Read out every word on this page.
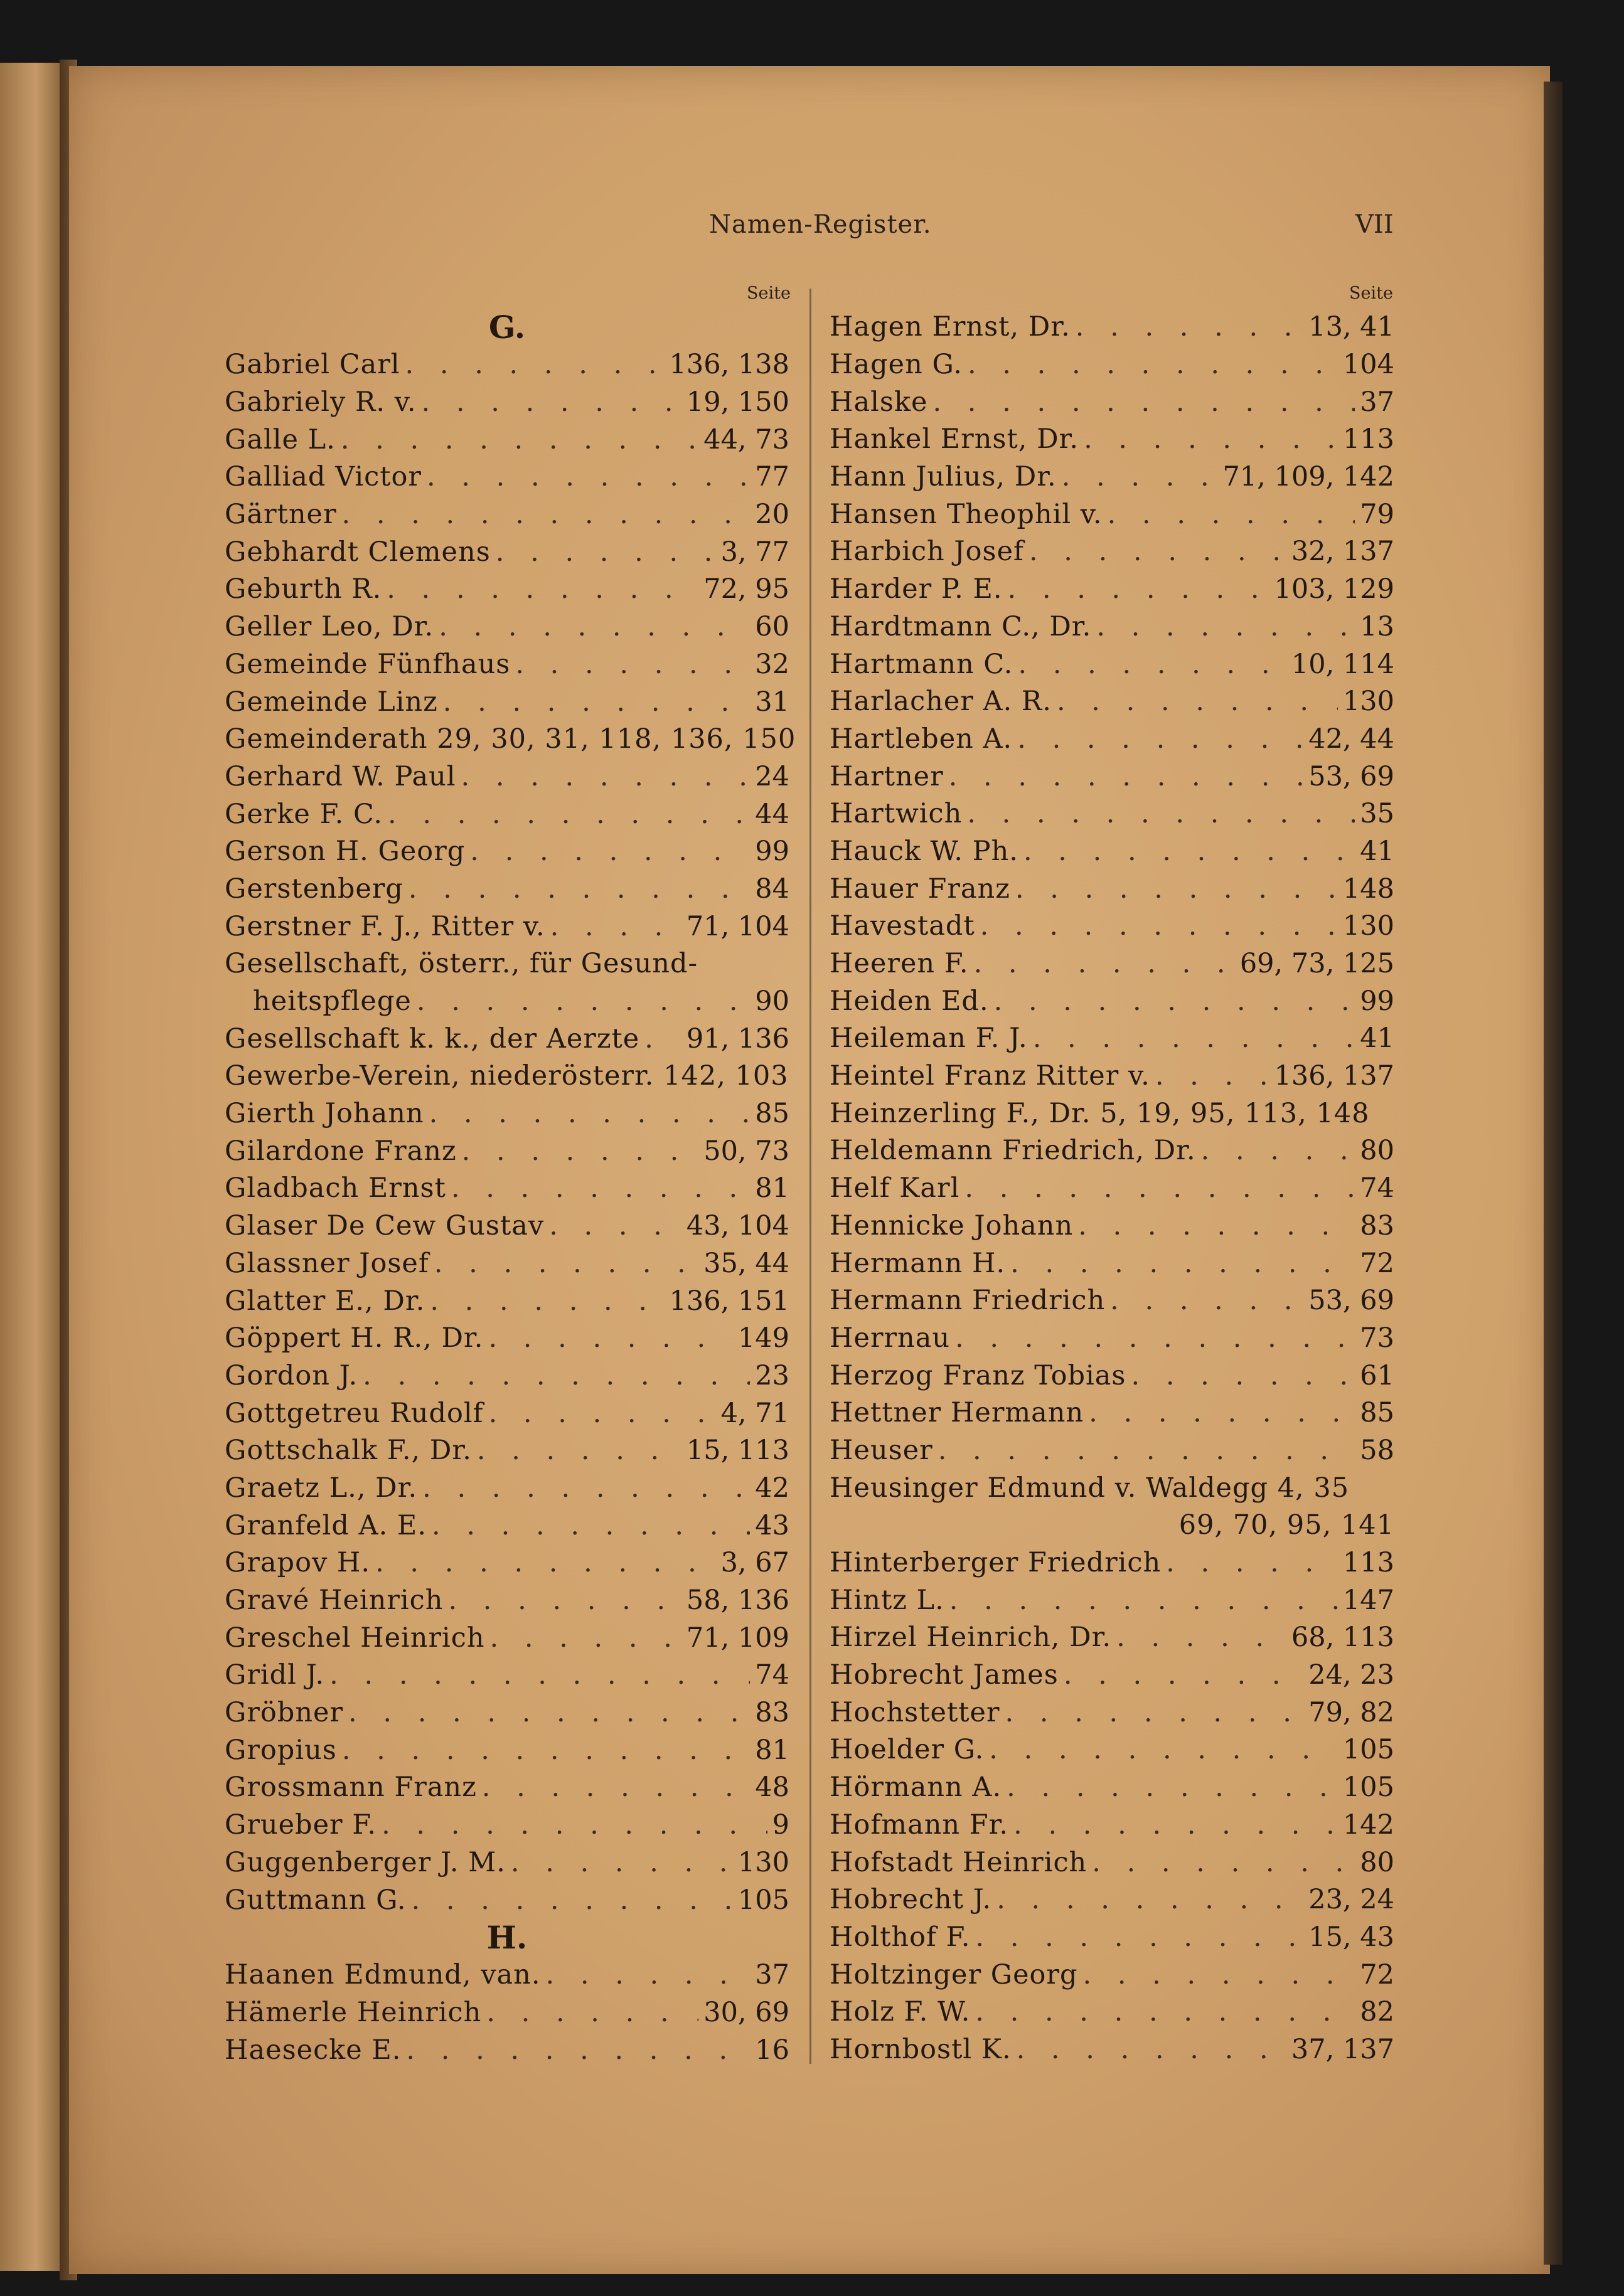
Namen-Register.	VII
Seite	Seite
G.
Gabriel Carl . . .	136, 138
Gabriely R. v. . . .	19, 150
Galle L. . . .	44, 73
Galliad Victor . . .	77
Gärtner . . .	20
Gebhardt Clemens . . .	3, 77
Geburth R. . . .	72, 95
Geller Leo, Dr. . . .	60
Gemeinde Fünfhaus . . .	32
Gemeinde Linz . . .	31
Gemeinderath 29, 30, 31, 118, 136, 150
Gerhard W. Paul . . .	24
Gerke F. C. . . .	44
Gerson H. Georg . . .	99
Gerstenberg . . .	84
Gerstner F. J., Ritter v. . . .	71, 104
Gesellschaft, österr., für Gesund-
heitspflege . . .	90
Gesellschaft k. k., der Aerzte . . . 91, 136
Gewerbe-Verein, niederösterr. 142, 103
Gierth Johann . . .	85
Gilardone Franz . . .	50, 73
Gladbach Ernst . . .	81
Glaser De Cew Gustav . . .	43, 104
Glassner Josef . . .	35, 44
Glatter E., Dr. . . .	136, 151
Göppert H. R., Dr. . . .	149
Gordon J. . . .	23
Gottgetreu Rudolf . . .	4, 71
Gottschalk F., Dr. . . .	15, 113
Graetz L., Dr. . . .	42
Granfeld A. E. . . .	43
Grapov H. . . .	3, 67
Gravé Heinrich . . .	58, 136
Greschel Heinrich . . .	71, 109
Gridl J. . . .	74
Gröbner . . .	83
Gropius . . .	81
Grossmann Franz . . .	48
Grueber F. . . .	9
Guggenberger J. M. . . .	130
Guttmann G. . . .	105
H.
Haanen Edmund, van. . . .	37
Hämerle Heinrich . . .	30, 69
Haesecke E. . . .	16
Hagen Ernst, Dr. . . .	13, 41
Hagen G. . . .	104
Halske . . .	37
Hankel Ernst, Dr. . . .	113
Hann Julius, Dr. . . .	71, 109, 142
Hansen Theophil v. . . .	79
Harbich Josef . . .	32, 137
Harder P. E. . . .	103, 129
Hardtmann C., Dr. . . .	13
Hartmann C. . . .	10, 114
Harlacher A. R. . . .	130
Hartleben A. . . .	42, 44
Hartner . . .	53, 69
Hartwich . . .	35
Hauck W. Ph. . . .	41
Hauer Franz . . .	148
Havestadt . . .	130
Heeren F. . . .	69, 73, 125
Heiden Ed. . . .	99
Heileman F. J. . . .	41
Heintel Franz Ritter v. . . .	136, 137
Heinzerling F., Dr. 5, 19, 95, 113, 148
Heldemann Friedrich, Dr. . . .	80
Helf Karl . . .	74
Hennicke Johann . . .	83
Hermann H. . . .	72
Hermann Friedrich . . .	53, 69
Herrnau . . .	73
Herzog Franz Tobias . . .	61
Hettner Hermann . . .	85
Heuser . . .	58
Heusinger Edmund v. Waldegg 4, 35
69, 70, 95, 141
Hinterberger Friedrich . . .	113
Hintz L. . . .	147
Hirzel Heinrich, Dr. . . .	68, 113
Hobrecht James . . .	24, 23
Hochstetter . . .	79, 82
Hoelder G. . . .	105
Hörmann A. . . .	105
Hofmann Fr. . . .	142
Hofstadt Heinrich . . .	80
Hobrecht J. . . .	23, 24
Holthof F. . . .	15, 43
Holtzinger Georg . . .	72
Holz F. W. . . .	82
Hornbostl K. . . .	37, 137
